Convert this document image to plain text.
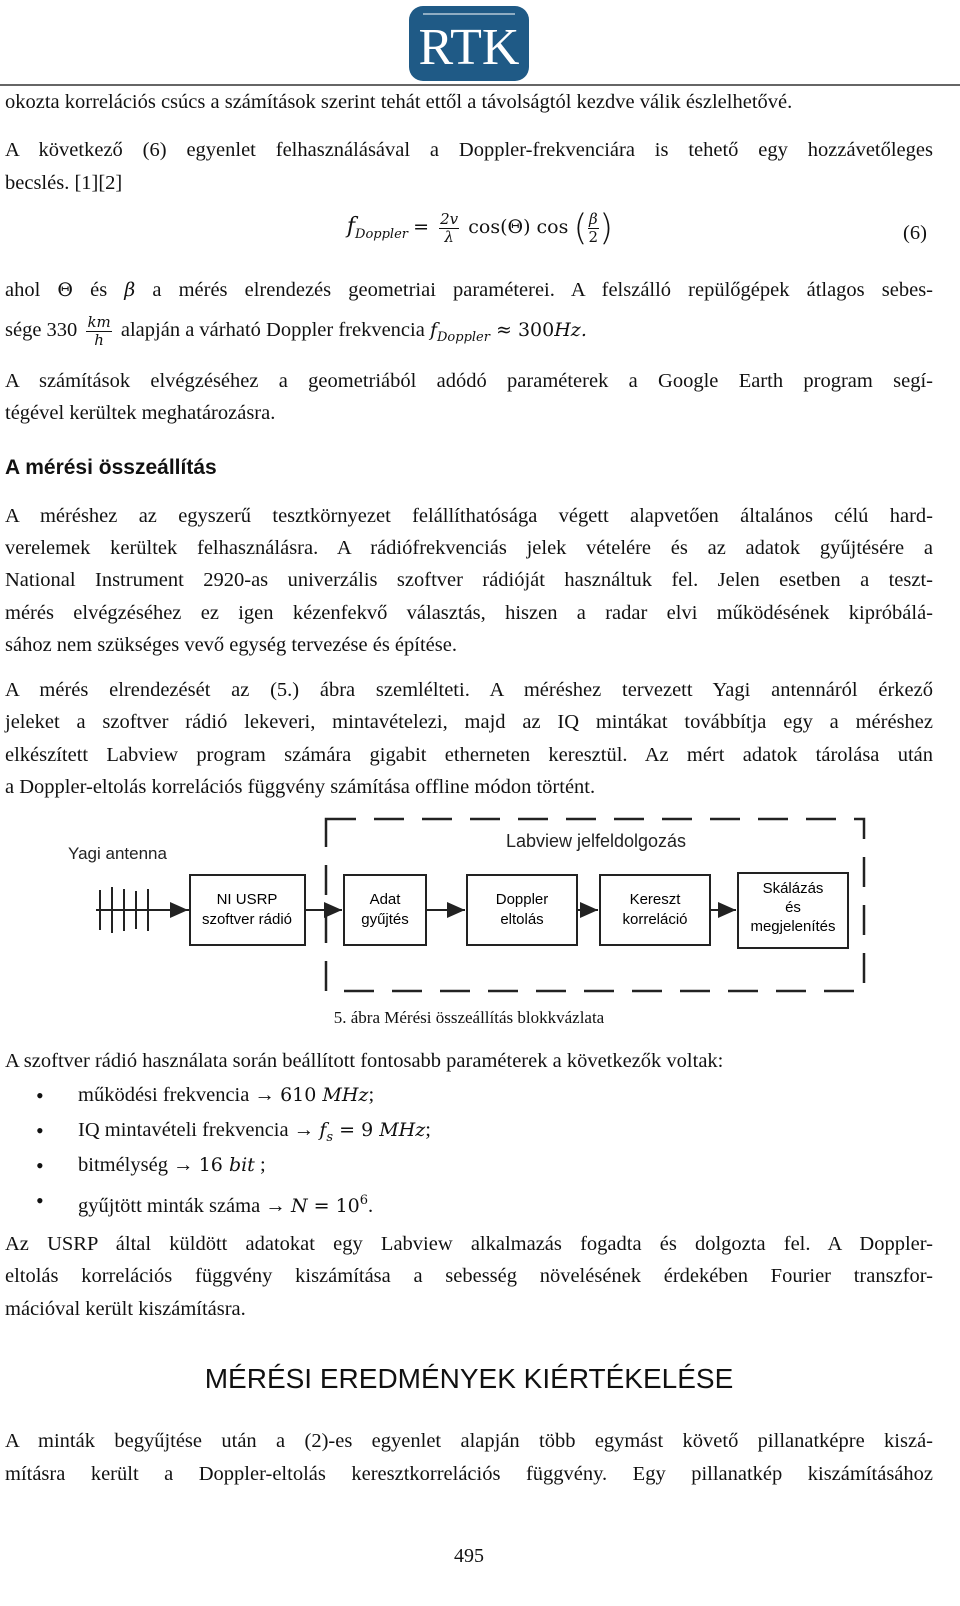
RTK
okozta korrelációs csúcs a számítások szerint tehát ettől a távolságtól kezdve válik észlelhetővé.
A következő (6) egyenlet felhasználásával a Doppler-frekvenciára is tehető egy hozzávetőleges
becslés. [1][2]
$f_{Doppler} = \frac{2v}{\lambda} \cos(\Theta)$ cos ( $\frac{\beta}{2}$ )	(6)
ahol Θ és β a mérés elrendezés geometriai paraméterei. A felszálló repülőgépek átlagos sebes-
sége $330 \frac{km}{h}$ alapján a várható Doppler frekvencia $f_{Doppler} \approx 300Hz$.
A számítások elvégzéséhez a geometriából adódó paraméterek a Google Earth program segí-
tégével kerültek meghatározásra.
A mérési összeállítás
A méréshez az egyszerű tesztkörnyezet felállíthatósága végett alapvetően általános célú hard-
verelemek kerültek felhasználásra. A rádiófrekvenciás jelek vételére és az adatok gyűjtésére a
National Instrument 2920-as univerzális szoftver rádióját használtuk fel. Jelen esetben a teszt-
mérés elvégzéséhez ez igen kézenfekvő választás, hiszen a radar elvi működésének kipróbálá-
sához nem szükséges vevő egység tervezése és építése.
A mérés elrendezését az (5.) ábra szemlélteti. A méréshez tervezett Yagi antennáról érkező
jeleket a szoftver rádió lekeveri, mintavételezi, majd az IQ mintákat továbbítja egy a méréshez
elkészített Labview program számára gigabit etherneten keresztül. Az mért adatok tárolása után
a Doppler-eltolás korrelációs függvény számítása offline módon történt.
Labview jelfeldolgozás
Yagi antenna
NI USRP
szoftver rádió
Adat
gyűjtés
Doppler
eltolás
Kereszt
korreláció
Skálázás
és
megjelenítés
5. ábra Mérési összeállítás blokkvázlata
A szoftver rádió használata során beállított fontosabb paraméterek a következők voltak:
• működési frekvencia → 610 MHz;
• IQ mintavételi frekvencia → $f_s = 9$ MHz;
• bitmélység → 16 bit ;
• gyűjtött minták száma → $N = 10^6$.
Az USRP által küldött adatokat egy Labview alkalmazás fogadta és dolgozta fel. A Doppler-
eltolás korrelációs függvény kiszámítása a sebesség növelésének érdekében Fourier transzfor-
mációval került kiszámításra.
MÉRÉSI EREDMÉNYEK KIÉRTÉKELÉSE
A minták begyűjtése után a (2)-es egyenlet alapján több egymást követő pillanatképre kiszá-
mításra került a Doppler-eltolás keresztkorrelációs függvény. Egy pillanatkép kiszámításához
495
